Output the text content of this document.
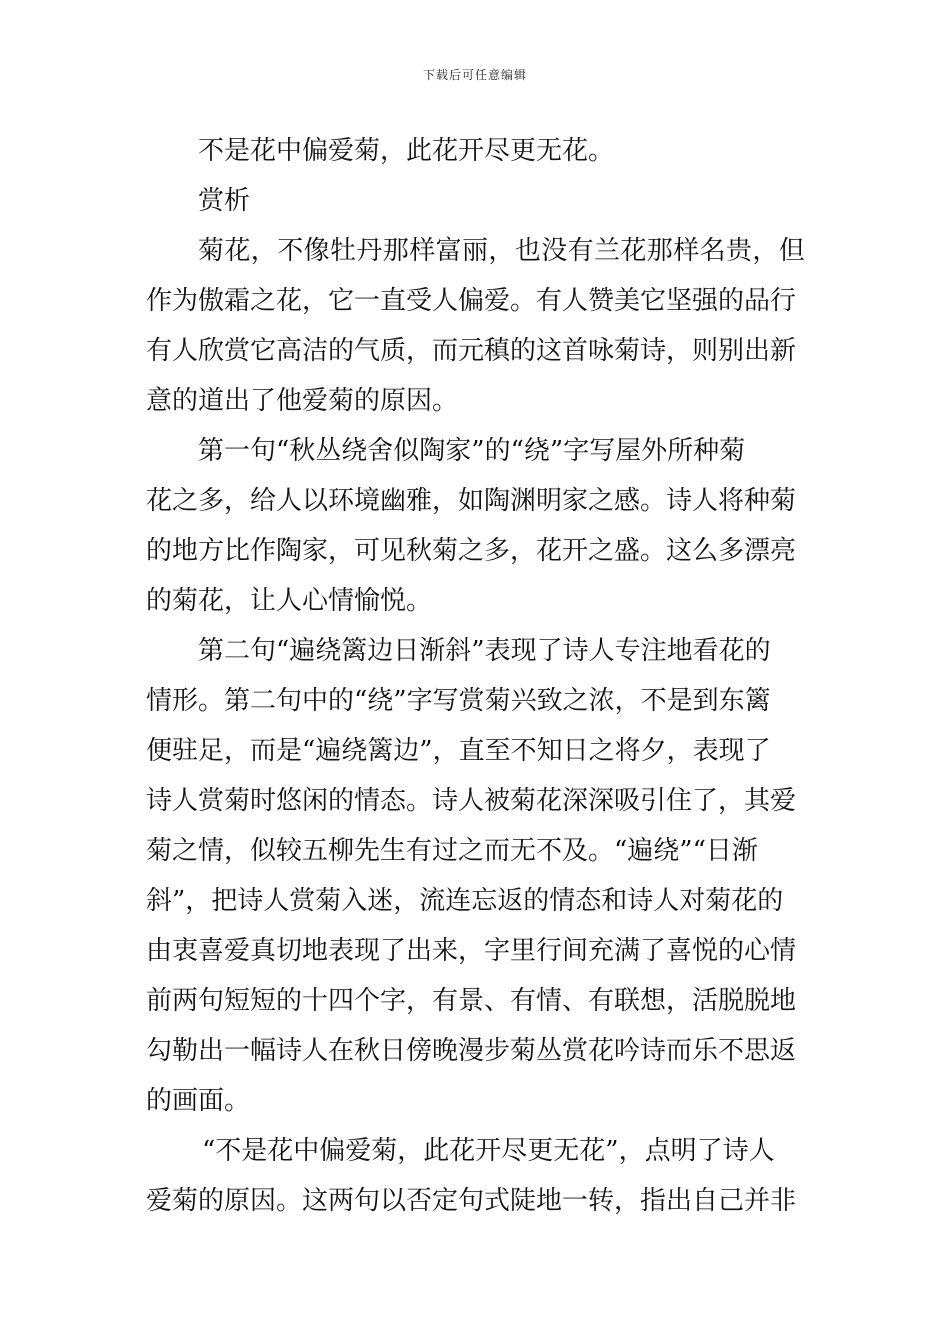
下载后可任意编辑
不是花中偏爱菊，此花开尽更无花。
赏析
菊花，不像牡丹那样富丽，也没有兰花那样名贵，但
作为傲霜之花，它一直受人偏爱。有人赞美它坚强的品行
有人欣赏它高洁的气质，而元稹的这首咏菊诗，则别出新
意的道出了他爱菊的原因。
第一句“秋丛绕舍似陶家”的“绕”字写屋外所种菊
花之多，给人以环境幽雅，如陶渊明家之感。诗人将种菊
的地方比作陶家，可见秋菊之多，花开之盛。这么多漂亮
的菊花，让人心情愉悦。
第二句“遍绕篱边日渐斜”表现了诗人专注地看花的
情形。第二句中的“绕”字写赏菊兴致之浓，不是到东篱
便驻足，而是“遍绕篱边”，直至不知日之将夕，表现了
诗人赏菊时悠闲的情态。诗人被菊花深深吸引住了，其爱
菊之情，似较五柳先生有过之而无不及。“遍绕”“日渐
斜”，把诗人赏菊入迷，流连忘返的情态和诗人对菊花的
由衷喜爱真切地表现了出来，字里行间充满了喜悦的心情
前两句短短的十四个字，有景、有情、有联想，活脱脱地
勾勒出一幅诗人在秋日傍晚漫步菊丛赏花吟诗而乐不思返
的画面。
“不是花中偏爱菊，此花开尽更无花”，点明了诗人
爱菊的原因。这两句以否定句式陡地一转，指出自己并非
